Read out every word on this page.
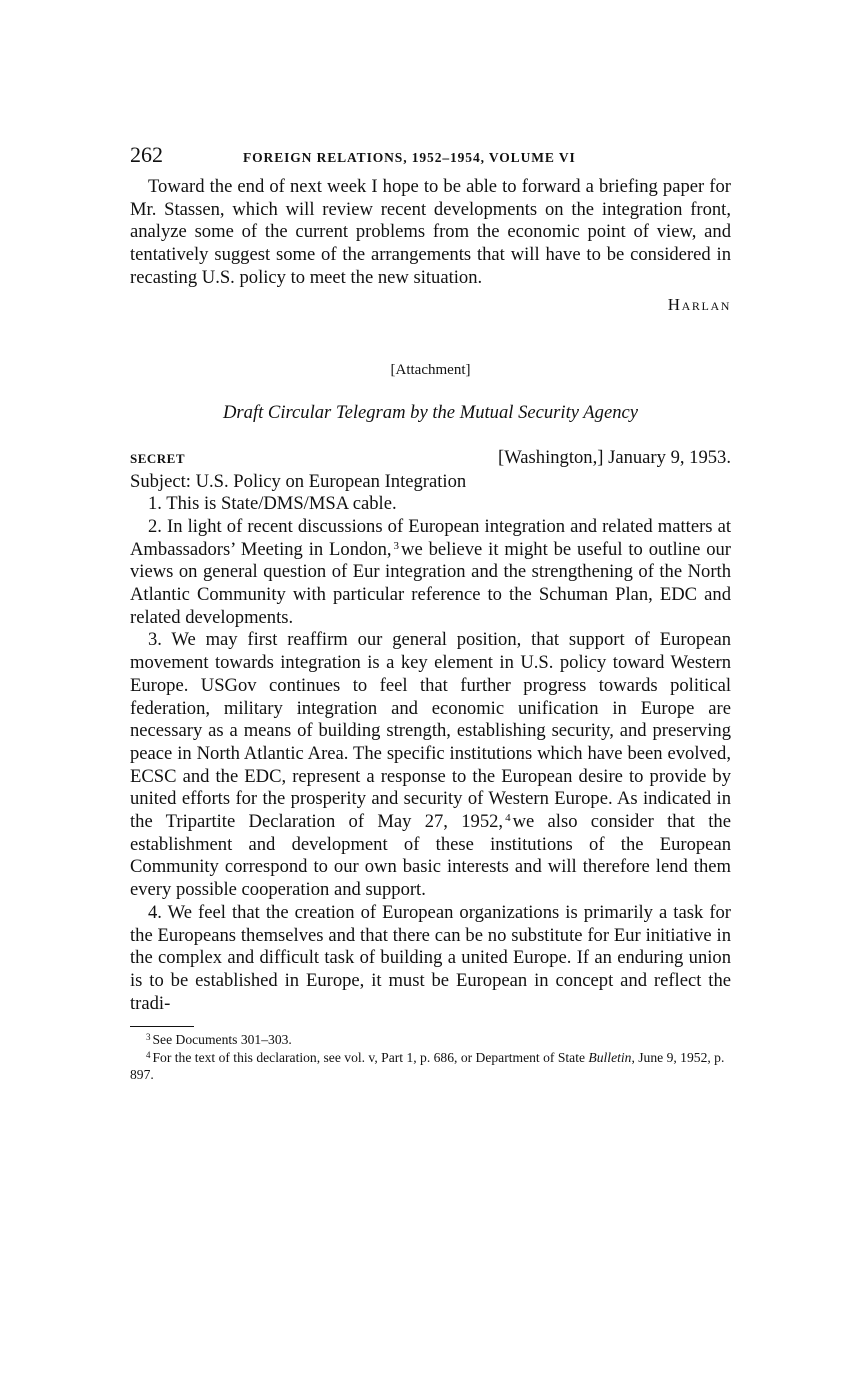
262	FOREIGN RELATIONS, 1952–1954, VOLUME VI

Toward the end of next week I hope to be able to forward a briefing paper for Mr. Stassen, which will review recent developments on the integration front, analyze some of the current problems from the economic point of view, and tentatively suggest some of the arrangements that will have to be considered in recasting U.S. policy to meet the new situation.

Harlan
[Attachment]
Draft Circular Telegram by the Mutual Security Agency
SECRET	[Washington,] January 9, 1953.

Subject: U.S. Policy on European Integration

1. This is State/DMS/MSA cable.

2. In light of recent discussions of European integration and related matters at Ambassadors’ Meeting in London, $^3$ we believe it might be useful to outline our views on general question of Eur integration and the strengthening of the North Atlantic Community with particular reference to the Schuman Plan, EDC and related developments.

3. We may first reaffirm our general position, that support of European movement towards integration is a key element in U.S. policy toward Western Europe. USGov continues to feel that further progress towards political federation, military integration and economic unification in Europe are necessary as a means of building strength, establishing security, and preserving peace in North Atlantic Area. The specific institutions which have been evolved, ECSC and the EDC, represent a response to the European desire to provide by united efforts for the prosperity and security of Western Europe. As indicated in the Tripartite Declaration of May 27, 1952, $^4$ we also consider that the establishment and development of these institutions of the European Community correspond to our own basic interests and will therefore lend them every possible cooperation and support.

4. We feel that the creation of European organizations is primarily a task for the Europeans themselves and that there can be no substitute for Eur initiative in the complex and difficult task of building a united Europe. If an enduring union is to be established in Europe, it must be European in concept and reflect the tradi-

$^3$ See Documents 301–303.
$^4$ For the text of this declaration, see vol. v, Part 1, p. 686, or Department of State Bulletin, June 9, 1952, p. 897.
